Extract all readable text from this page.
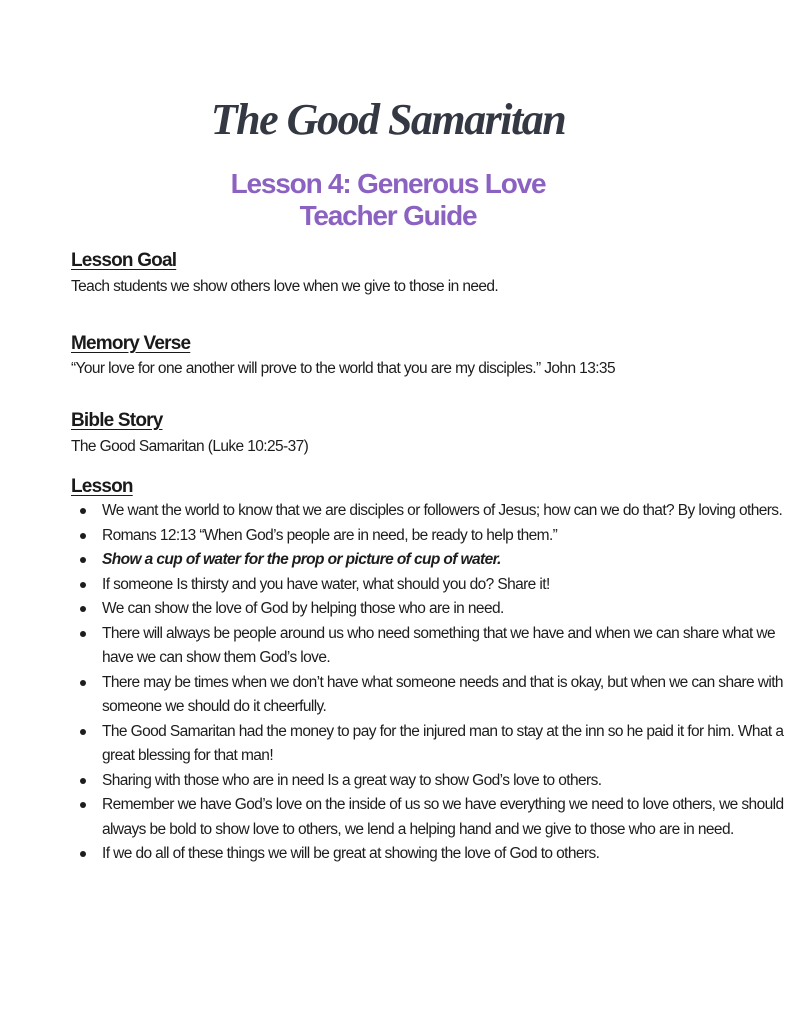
The Good Samaritan
Lesson 4: Generous Love
Teacher Guide
Lesson Goal
Teach students we show others love when we give to those in need.
Memory Verse
“Your love for one another will prove to the world that you are my disciples.” John 13:35
Bible Story
The Good Samaritan (Luke 10:25-37)
Lesson
We want the world to know that we are disciples or followers of Jesus; how can we do that? By loving others.
Romans 12:13 “When God’s people are in need, be ready to help them.”
Show a cup of water for the prop or picture of cup of water.
If someone Is thirsty and you have water, what should you do? Share it!
We can show the love of God by helping those who are in need.
There will always be people around us who need something that we have and when we can share what we have we can show them God’s love.
There may be times when we don’t have what someone needs and that is okay, but when we can share with someone we should do it cheerfully.
The Good Samaritan had the money to pay for the injured man to stay at the inn so he paid it for him. What a great blessing for that man!
Sharing with those who are in need Is a great way to show God’s love to others.
Remember we have God’s love on the inside of us so we have everything we need to love others, we should always be bold to show love to others, we lend a helping hand and we give to those who are in need.
If we do all of these things we will be great at showing the love of God to others.
